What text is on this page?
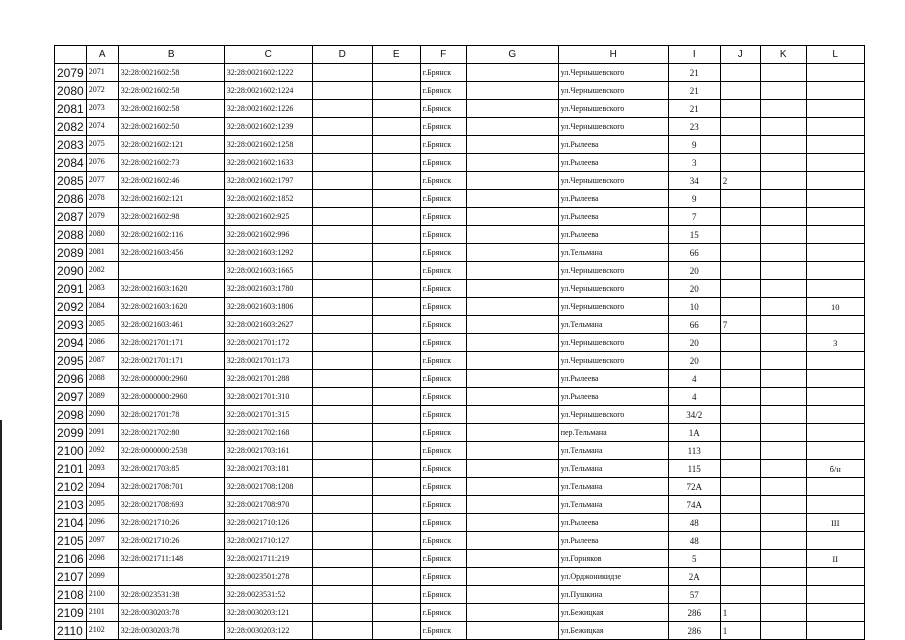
	A	B	C	D	E	F	G	H	I	J	K	L
2079	2071	32:28:0021602:58	32:28:0021602:1222			г.Брянск		ул.Чернышевского	21			
2080	2072	32:28:0021602:58	32:28:0021602:1224			г.Брянск		ул.Чернышевского	21			
2081	2073	32:28:0021602:58	32:28:0021602:1226			г.Брянск		ул.Чернышевского	21			
2082	2074	32:28:0021602:50	32:28:0021602:1239			г.Брянск		ул.Чернышевского	23			
2083	2075	32:28:0021602:121	32:28:0021602:1258			г.Брянск		ул.Рылеева	9			
2084	2076	32:28:0021602:73	32:28:0021602:1633			г.Брянск		ул.Рылеева	3			
2085	2077	32:28:0021602:46	32:28:0021602:1797			г.Брянск		ул.Чернышевского	34	2		
2086	2078	32:28:0021602:121	32:28:0021602:1852			г.Брянск		ул.Рылеева	9			
2087	2079	32:28:0021602:98	32:28:0021602:925			г.Брянск		ул.Рылеева	7			
2088	2080	32:28:0021602:116	32:28:0021602:996			г.Брянск		ул.Рылеева	15			
2089	2081	32:28:0021603:456	32:28:0021603:1292			г.Брянск		ул.Тельмана	66			
2090	2082		32:28:0021603:1665			г.Брянск		ул.Чернышевского	20			
2091	2083	32:28:0021603:1620	32:28:0021603:1780			г.Брянск		ул.Чернышевского	20			
2092	2084	32:28:0021603:1620	32:28:0021603:1806			г.Брянск		ул.Чернышевского	10			10
2093	2085	32:28:0021603:461	32:28:0021603:2627			г.Брянск		ул.Тельмана	66	7		
2094	2086	32:28:0021701:171	32:28:0021701:172			г.Брянск		ул.Чернышевского	20			3
2095	2087	32:28:0021701:171	32:28:0021701:173			г.Брянск		ул.Чернышевского	20			
2096	2088	32:28:0000000:2960	32:28:0021701:288			г.Брянск		ул.Рылеева	4			
2097	2089	32:28:0000000:2960	32:28:0021701:310			г.Брянск		ул.Рылеева	4			
2098	2090	32:28:0021701:78	32:28:0021701:315			г.Брянск		ул.Чернышевского	34/2			
2099	2091	32:28:0021702:80	32:28:0021702:168			г.Брянск		пер.Тельмана	1А			
2100	2092	32:28:0000000:2538	32:28:0021703:161			г.Брянск		ул.Тельмана	113			
2101	2093	32:28:0021703:85	32:28:0021703:181			г.Брянск		ул.Тельмана	115			б/н
2102	2094	32:28:0021708:701	32:28:0021708:1208			г.Брянск		ул.Тельмана	72А			
2103	2095	32:28:0021708:693	32:28:0021708:970			г.Брянск		ул.Тельмана	74А			
2104	2096	32:28:0021710:26	32:28:0021710:126			г.Брянск		ул.Рылеева	48			III
2105	2097	32:28:0021710:26	32:28:0021710:127			г.Брянск		ул.Рылеева	48			
2106	2098	32:28:0021711:148	32:28:0021711:219			г.Брянск		ул.Горняков	5			II
2107	2099		32:28:0023501:278			г.Брянск		ул.Орджоникидзе	2А			
2108	2100	32:28:0023531:38	32:28:0023531:52			г.Брянск		ул.Пушкина	57			
2109	2101	32:28:0030203:78	32:28:0030203:121			г.Брянск		ул.Бежицкая	286	1		
2110	2102	32:28:0030203:78	32:28:0030203:122			г.Брянск		ул.Бежицкая	286	1		
